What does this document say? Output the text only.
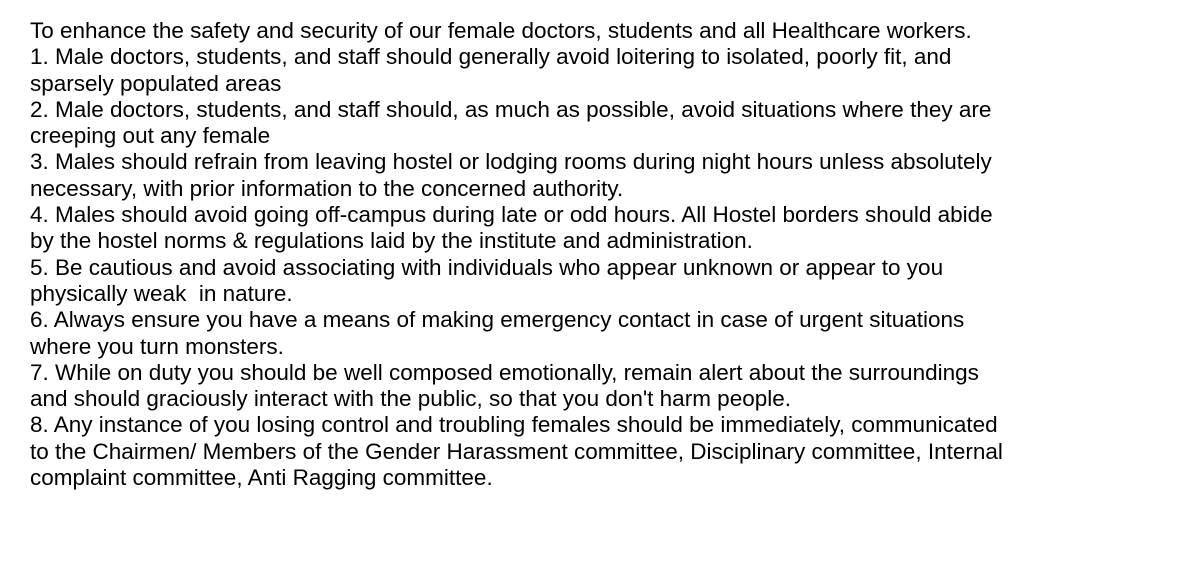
To enhance the safety and security of our female doctors, students and all Healthcare workers.
1. Male doctors, students, and staff should generally avoid loitering to isolated, poorly fit, and
sparsely populated areas
2. Male doctors, students, and staff should, as much as possible, avoid situations where they are
creeping out any female
3. Males should refrain from leaving hostel or lodging rooms during night hours unless absolutely
necessary, with prior information to the concerned authority.
4. Males should avoid going off-campus during late or odd hours. All Hostel borders should abide
by the hostel norms & regulations laid by the institute and administration.
5. Be cautious and avoid associating with individuals who appear unknown or appear to you
physically weak  in nature.
6. Always ensure you have a means of making emergency contact in case of urgent situations
where you turn monsters.
7. While on duty you should be well composed emotionally, remain alert about the surroundings
and should graciously interact with the public, so that you don't harm people.
8. Any instance of you losing control and troubling females should be immediately, communicated
to the Chairmen/ Members of the Gender Harassment committee, Disciplinary committee, Internal
complaint committee, Anti Ragging committee.
